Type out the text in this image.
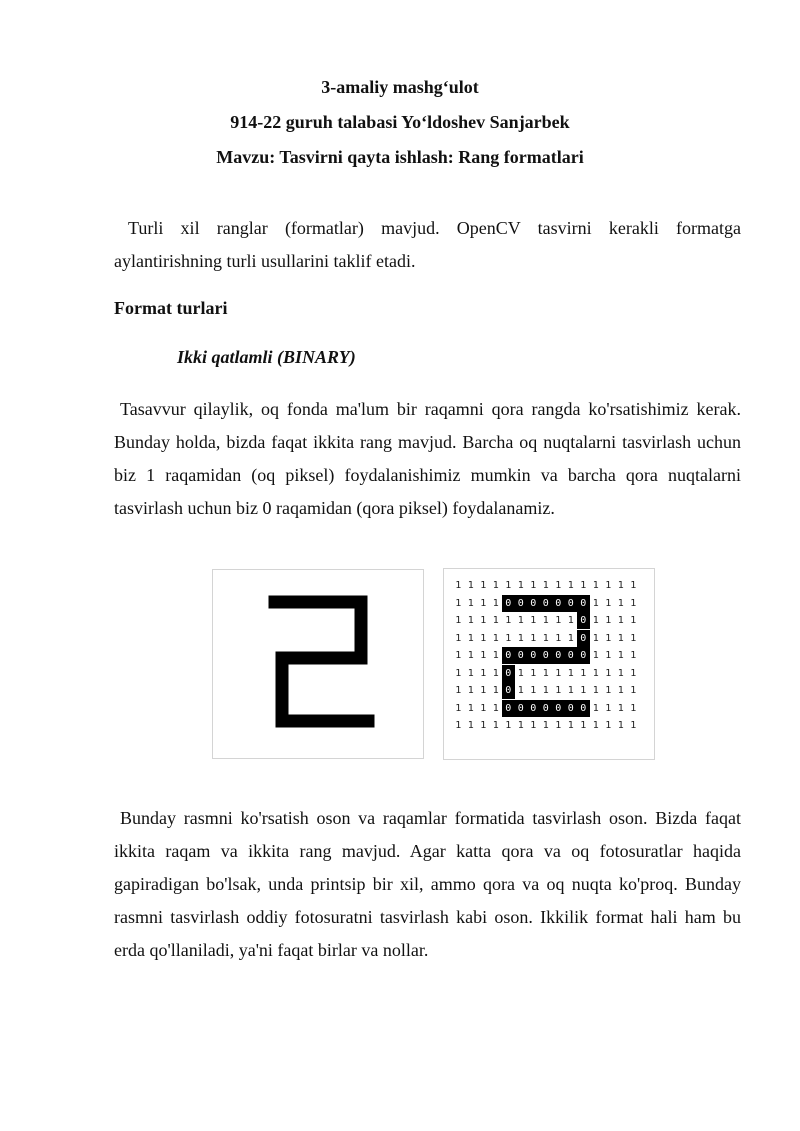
3-amaliy mashg‘ulot
914-22 guruh talabasi Yo‘ldoshev Sanjarbek
Mavzu: Tasvirni qayta ishlash: Rang formatlari

Turli xil ranglar (formatlar) mavjud. OpenCV tasvirni kerakli formatga aylantirishning turli usullarini taklif etadi.

Format turlari
Ikki qatlamli (BINARY)

Tasavvur qilaylik, oq fonda ma'lum bir raqamni qora rangda ko'rsatishimiz kerak. Bunday holda, bizda faqat ikkita rang mavjud. Barcha oq nuqtalarni tasvirlash uchun biz 1 raqamidan (oq piksel) foydalanishimiz mumkin va barcha qora nuqtalarni tasvirlash uchun biz 0 raqamidan (qora piksel) foydalanamiz.

1 1 1 1 1 1 1 1 1 1 1 1 1 1 1
1 1 1 1 0 0 0 0 0 0 0 1 1 1 1
1 1 1 1 1 1 1 1 1 1 0 1 1 1 1
1 1 1 1 1 1 1 1 1 1 0 1 1 1 1
1 1 1 1 0 0 0 0 0 0 0 1 1 1 1
1 1 1 1 0 1 1 1 1 1 1 1 1 1 1
1 1 1 1 0 1 1 1 1 1 1 1 1 1 1
1 1 1 1 0 0 0 0 0 0 0 1 1 1 1
1 1 1 1 1 1 1 1 1 1 1 1 1 1 1

Bunday rasmni ko'rsatish oson va raqamlar formatida tasvirlash oson. Bizda faqat ikkita raqam va ikkita rang mavjud. Agar katta qora va oq fotosuratlar haqida gapiradigan bo'lsak, unda printsip bir xil, ammo qora va oq nuqta ko'proq. Bunday rasmni tasvirlash oddiy fotosuratni tasvirlash kabi oson. Ikkilik format hali ham bu erda qo'llaniladi, ya'ni faqat birlar va nollar.
